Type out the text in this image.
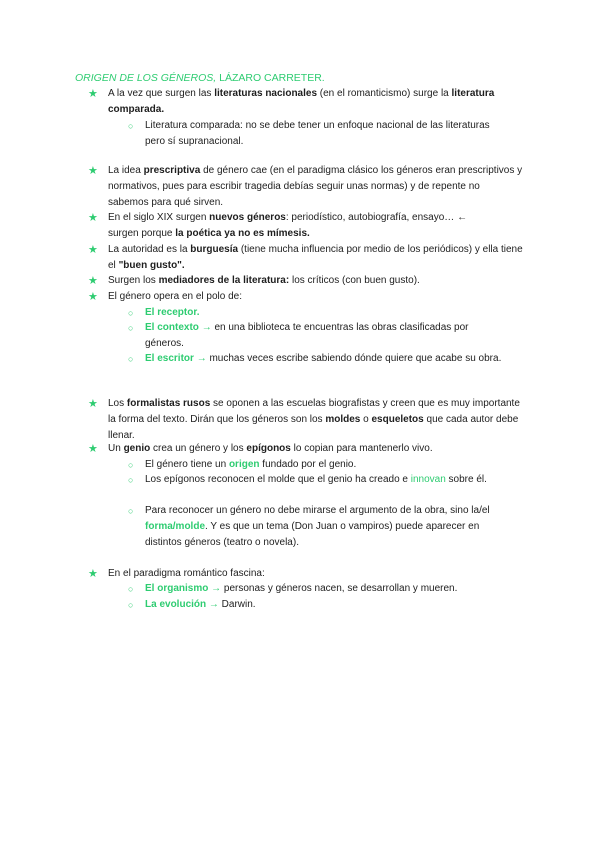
ORIGEN DE LOS GÉNEROS, LÁZARO CARRETER.
★ A la vez que surgen las literaturas nacionales (en el romanticismo) surge la literatura comparada.
○ Literatura comparada: no se debe tener un enfoque nacional de las literaturas pero sí supranacional.
★ La idea prescriptiva de género cae (en el paradigma clásico los géneros eran prescriptivos y normativos, pues para escribir tragedia debías seguir unas normas) y de repente no sabemos para qué sirven.
★ En el siglo XIX surgen nuevos géneros: periodístico, autobiografía, ensayo… ←
surgen porque la poética ya no es mímesis.
★ La autoridad es la burguesía (tiene mucha influencia por medio de los periódicos) y ella tiene el "buen gusto".
★ Surgen los mediadores de la literatura: los críticos (con buen gusto).
★ El género opera en el polo de:
○ El receptor.
○ El contexto → en una biblioteca te encuentras las obras clasificadas por géneros.
○ El escritor → muchas veces escribe sabiendo dónde quiere que acabe su obra.
★ Los formalistas rusos se oponen a las escuelas biografistas y creen que es muy importante la forma del texto. Dirán que los géneros son los moldes o esqueletos que cada autor debe llenar.
★ Un genio crea un género y los epígonos lo copian para mantenerlo vivo.
○ El género tiene un origen fundado por el genio.
○ Los epígonos reconocen el molde que el genio ha creado e innovan sobre él.
○ Para reconocer un género no debe mirarse el argumento de la obra, sino la/el forma/molde. Y es que un tema (Don Juan o vampiros) puede aparecer en distintos géneros (teatro o novela).
★ En el paradigma romántico fascina:
○ El organismo → personas y géneros nacen, se desarrollan y mueren.
○ La evolución → Darwin.
